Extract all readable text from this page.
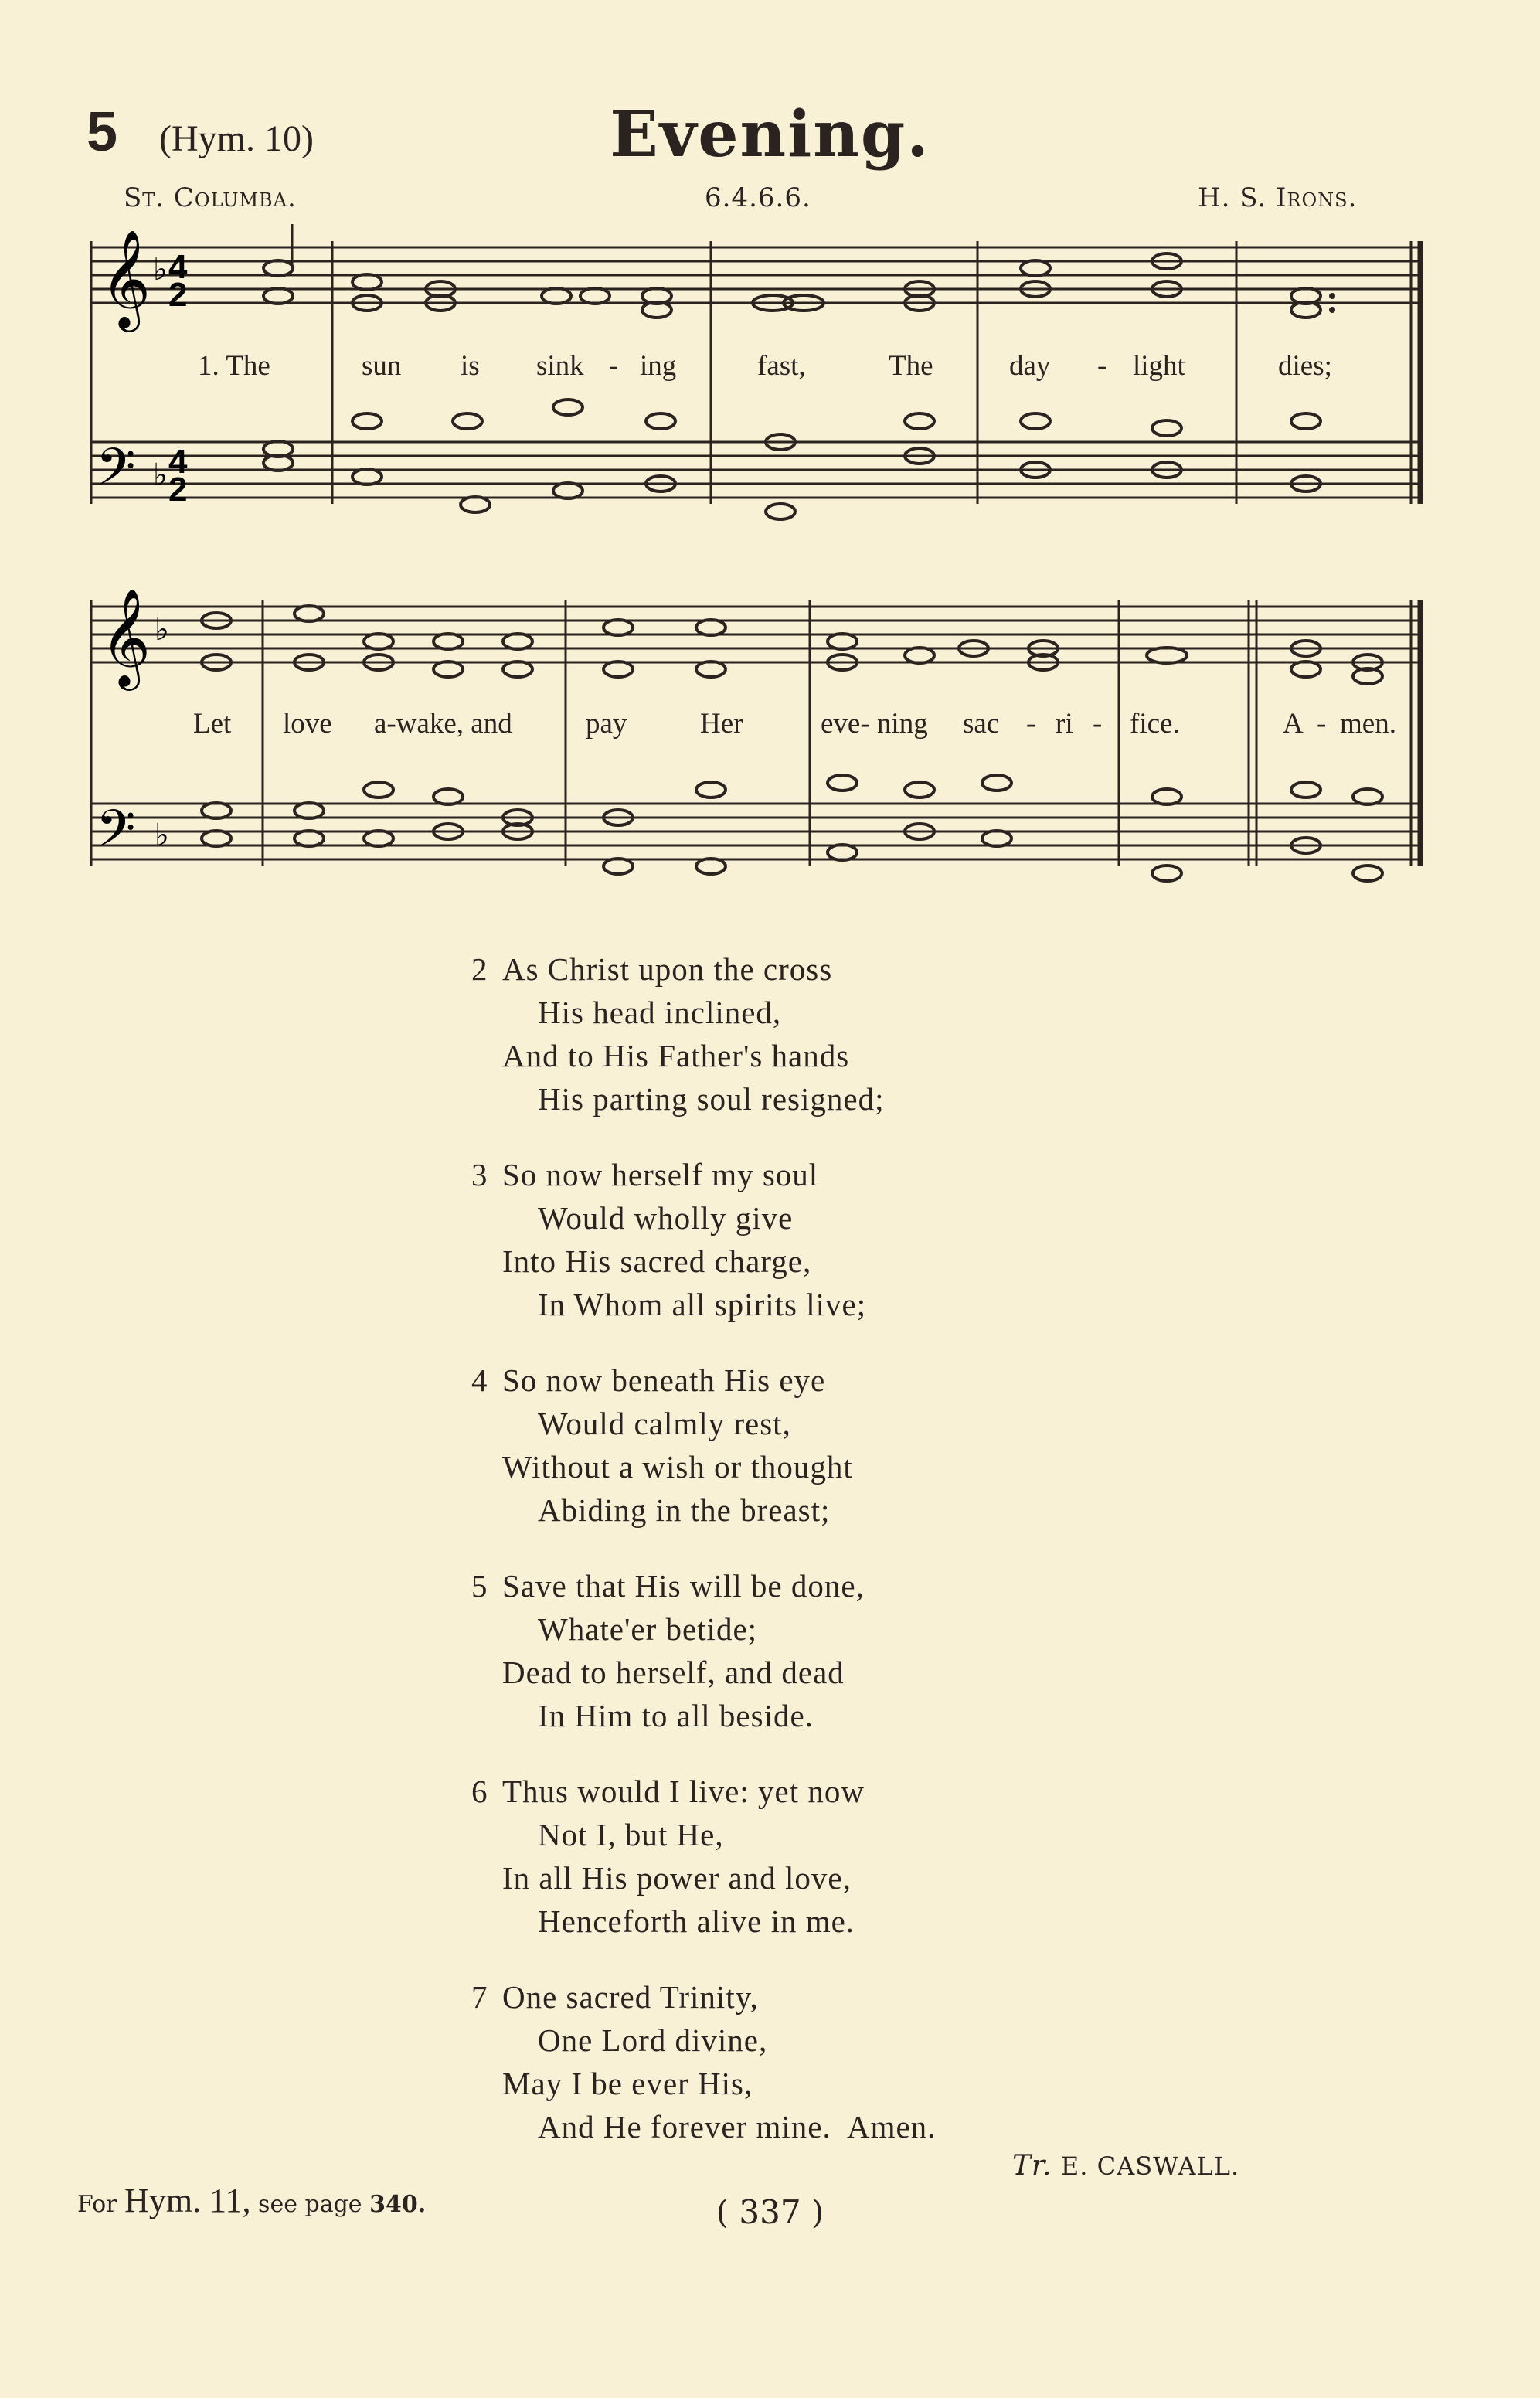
5 (Hym. 10)	Evening.
St. Columba.	6.4.6.6.	H. S. Irons.
𝄞
𝄢
4
2
4
2
♭
♭
1. The	sun is sink - ing	fast,	The	day - light	dies;
𝄞
𝄢
♭
♭
Let love a-wake, and	pay	Her	eve- ning sac - ri - fice.	A - men.
2 As Christ upon the cross
His head inclined,
And to His Father's hands
His parting soul resigned;
3 So now herself my soul
Would wholly give
Into His sacred charge,
In Whom all spirits live;
4 So now beneath His eye
Would calmly rest,
Without a wish or thought
Abiding in the breast;
5 Save that His will be done,
Whate'er betide;
Dead to herself, and dead
In Him to all beside.
6 Thus would I live: yet now
Not I, but He,
In all His power and love,
Henceforth alive in me.
7 One sacred Trinity,
One Lord divine,
May I be ever His,
And He forever mine.  Amen.
Tr. E. CASWALL.
For Hym. 11, see page 340.	( 337 )
